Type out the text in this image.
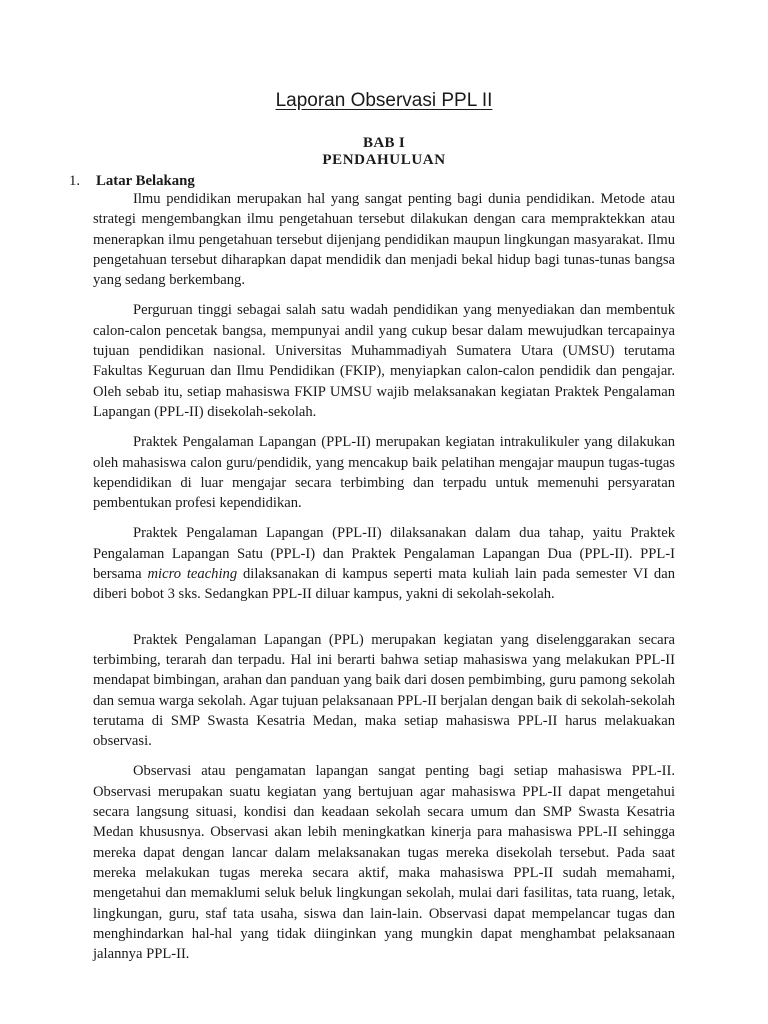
Laporan Observasi PPL II
BAB I
PENDAHULUAN
1. Latar Belakang

Ilmu pendidikan merupakan hal yang sangat penting bagi dunia pendidikan. Metode atau strategi mengembangkan ilmu pengetahuan tersebut dilakukan dengan cara mempraktekkan atau menerapkan ilmu pengetahuan tersebut dijenjang pendidikan maupun lingkungan masyarakat. Ilmu pengetahuan tersebut diharapkan dapat mendidik dan menjadi bekal hidup bagi tunas-tunas bangsa yang sedang berkembang.

Perguruan tinggi sebagai salah satu wadah pendidikan yang menyediakan dan membentuk calon-calon pencetak bangsa, mempunyai andil yang cukup besar dalam mewujudkan tercapainya tujuan pendidikan nasional. Universitas Muhammadiyah Sumatera Utara (UMSU) terutama Fakultas Keguruan dan Ilmu Pendidikan (FKIP), menyiapkan calon-calon pendidik dan pengajar. Oleh sebab itu, setiap mahasiswa FKIP UMSU wajib melaksanakan kegiatan Praktek Pengalaman Lapangan (PPL-II) disekolah-sekolah.

Praktek Pengalaman Lapangan (PPL-II) merupakan kegiatan intrakulikuler yang dilakukan oleh mahasiswa calon guru/pendidik, yang mencakup baik pelatihan mengajar maupun tugas-tugas kependidikan di luar mengajar secara terbimbing dan terpadu untuk memenuhi persyaratan pembentukan profesi kependidikan.

Praktek Pengalaman Lapangan (PPL-II) dilaksanakan dalam dua tahap, yaitu Praktek Pengalaman Lapangan Satu (PPL-I) dan Praktek Pengalaman Lapangan Dua (PPL-II). PPL-I bersama micro teaching dilaksanakan di kampus seperti mata kuliah lain pada semester VI dan diberi bobot 3 sks. Sedangkan PPL-II diluar kampus, yakni di sekolah-sekolah.

Praktek Pengalaman Lapangan (PPL) merupakan kegiatan yang diselenggarakan secara terbimbing, terarah dan terpadu. Hal ini berarti bahwa setiap mahasiswa yang melakukan PPL-II mendapat bimbingan, arahan dan panduan yang baik dari dosen pembimbing, guru pamong sekolah dan semua warga sekolah. Agar tujuan pelaksanaan PPL-II berjalan dengan baik di sekolah-sekolah terutama di SMP Swasta Kesatria Medan, maka setiap mahasiswa PPL-II harus melakuakan observasi.

Observasi atau pengamatan lapangan sangat penting bagi setiap mahasiswa PPL-II. Observasi merupakan suatu kegiatan yang bertujuan agar mahasiswa PPL-II dapat mengetahui secara langsung situasi, kondisi dan keadaan sekolah secara umum dan SMP Swasta Kesatria Medan khususnya. Observasi akan lebih meningkatkan kinerja para mahasiswa PPL-II sehingga mereka dapat dengan lancar dalam melaksanakan tugas mereka disekolah tersebut. Pada saat mereka melakukan tugas mereka secara aktif, maka mahasiswa PPL-II sudah memahami, mengetahui dan memaklumi seluk beluk lingkungan sekolah, mulai dari fasilitas, tata ruang, letak, lingkungan, guru, staf tata usaha, siswa dan lain-lain. Observasi dapat mempelancar tugas dan menghindarkan hal-hal yang tidak diinginkan yang mungkin dapat menghambat pelaksanaan jalannya PPL-II.
